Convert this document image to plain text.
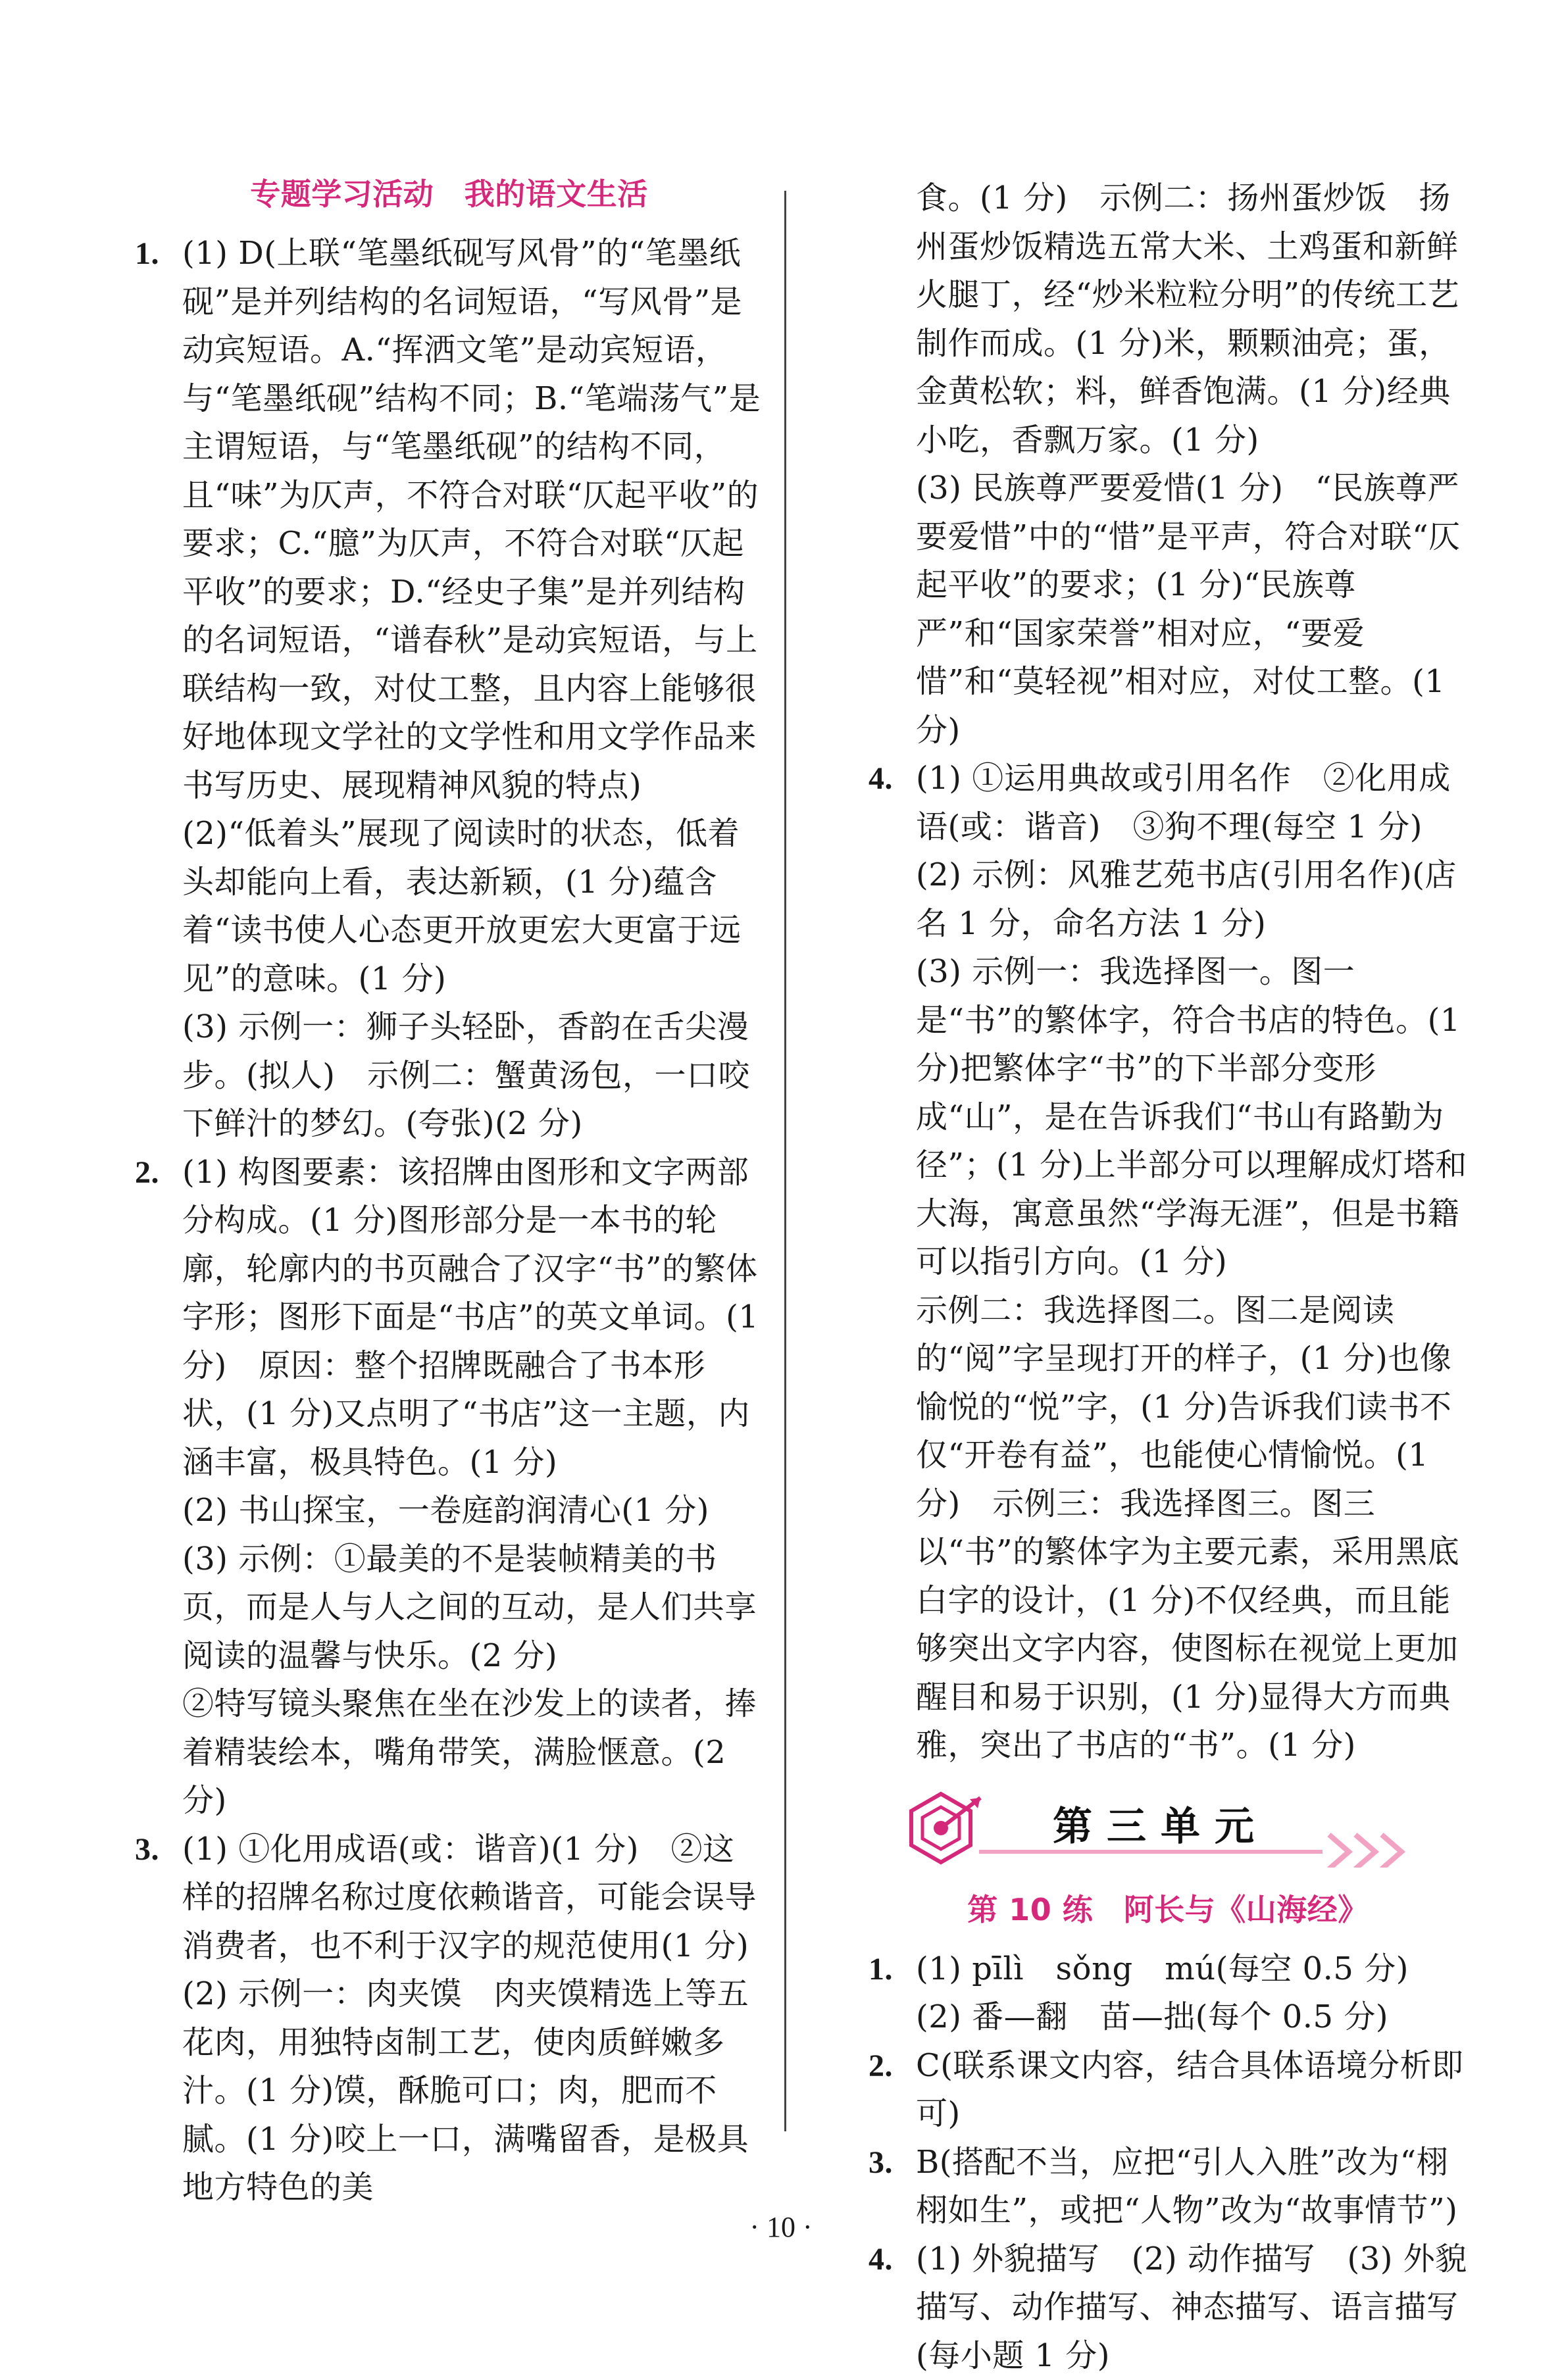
专题学习活动　我的语文生活
1. (1) D(上联“笔墨纸砚写风骨”的“笔墨纸砚”是并列结构的名词短语，“写风骨”是动宾短语。A.“挥洒文笔”是动宾短语，与“笔墨纸砚”结构不同；B.“笔端荡气”是主谓短语，与“笔墨纸砚”的结构不同，且“味”为仄声，不符合对联“仄起平收”的要求；C.“臆”为仄声，不符合对联“仄起平收”的要求；D.“经史子集”是并列结构的名词短语，“谱春秋”是动宾短语，与上联结构一致，对仗工整，且内容上能够很好地体现文学社的文学性和用文学作品来书写历史、展现精神风貌的特点)
(2)“低着头”展现了阅读时的状态，低着头却能向上看，表达新颖，(1 分)蕴含着“读书使人心态更开放更宏大更富于远见”的意味。(1 分)
(3) 示例一：狮子头轻卧，香韵在舌尖漫步。(拟人)　示例二：蟹黄汤包，一口咬下鲜汁的梦幻。(夸张)(2 分)
2. (1) 构图要素：该招牌由图形和文字两部分构成。(1 分)图形部分是一本书的轮廓，轮廓内的书页融合了汉字“书”的繁体字形；图形下面是“书店”的英文单词。(1 分)　原因：整个招牌既融合了书本形状，(1 分)又点明了“书店”这一主题，内涵丰富，极具特色。(1 分)
(2) 书山探宝，一卷庭韵润清心(1 分)
(3) 示例：①最美的不是装帧精美的书页，而是人与人之间的互动，是人们共享阅读的温馨与快乐。(2 分)
②特写镜头聚焦在坐在沙发上的读者，捧着精装绘本，嘴角带笑，满脸惬意。(2 分)
3. (1) ①化用成语(或：谐音)(1 分)　②这样的招牌名称过度依赖谐音，可能会误导消费者，也不利于汉字的规范使用(1 分)
(2) 示例一：肉夹馍　肉夹馍精选上等五花肉，用独特卤制工艺，使肉质鲜嫩多汁。(1 分)馍，酥脆可口；肉，肥而不腻。(1 分)咬上一口，满嘴留香，是极具地方特色的美
食。(1 分)　示例二：扬州蛋炒饭　扬州蛋炒饭精选五常大米、土鸡蛋和新鲜火腿丁，经“炒米粒粒分明”的传统工艺制作而成。(1 分)米，颗颗油亮；蛋，金黄松软；料，鲜香饱满。(1 分)经典小吃，香飘万家。(1 分)
(3) 民族尊严要爱惜(1 分)　“民族尊严要爱惜”中的“惜”是平声，符合对联“仄起平收”的要求；(1 分)“民族尊严”和“国家荣誉”相对应，“要爱惜”和“莫轻视”相对应，对仗工整。(1 分)
4. (1) ①运用典故或引用名作　②化用成语(或：谐音)　③狗不理(每空 1 分)
(2) 示例：风雅艺苑书店(引用名作)(店名 1 分，命名方法 1 分)
(3) 示例一：我选择图一。图一是“书”的繁体字，符合书店的特色。(1 分)把繁体字“书”的下半部分变形成“山”，是在告诉我们“书山有路勤为径”；(1 分)上半部分可以理解成灯塔和大海，寓意虽然“学海无涯”，但是书籍可以指引方向。(1 分)
示例二：我选择图二。图二是阅读的“阅”字呈现打开的样子，(1 分)也像愉悦的“悦”字，(1 分)告诉我们读书不仅“开卷有益”，也能使心情愉悦。(1 分)　示例三：我选择图三。图三以“书”的繁体字为主要元素，采用黑底白字的设计，(1 分)不仅经典，而且能够突出文字内容，使图标在视觉上更加醒目和易于识别，(1 分)显得大方而典雅，突出了书店的“书”。(1 分)
第三单元
第 10 练　阿长与《山海经》
1. (1) pīlì　sǒng　mú(每空 0.5 分)
(2) 番—翻　苗—拙(每个 0.5 分)
2. C(联系课文内容，结合具体语境分析即可)
3. B(搭配不当，应把“引人入胜”改为“栩栩如生”，或把“人物”改为“故事情节”)
4. (1) 外貌描写　(2) 动作描写　(3) 外貌描写、动作描写、神态描写、语言描写(每小题 1 分)
· 10 ·
